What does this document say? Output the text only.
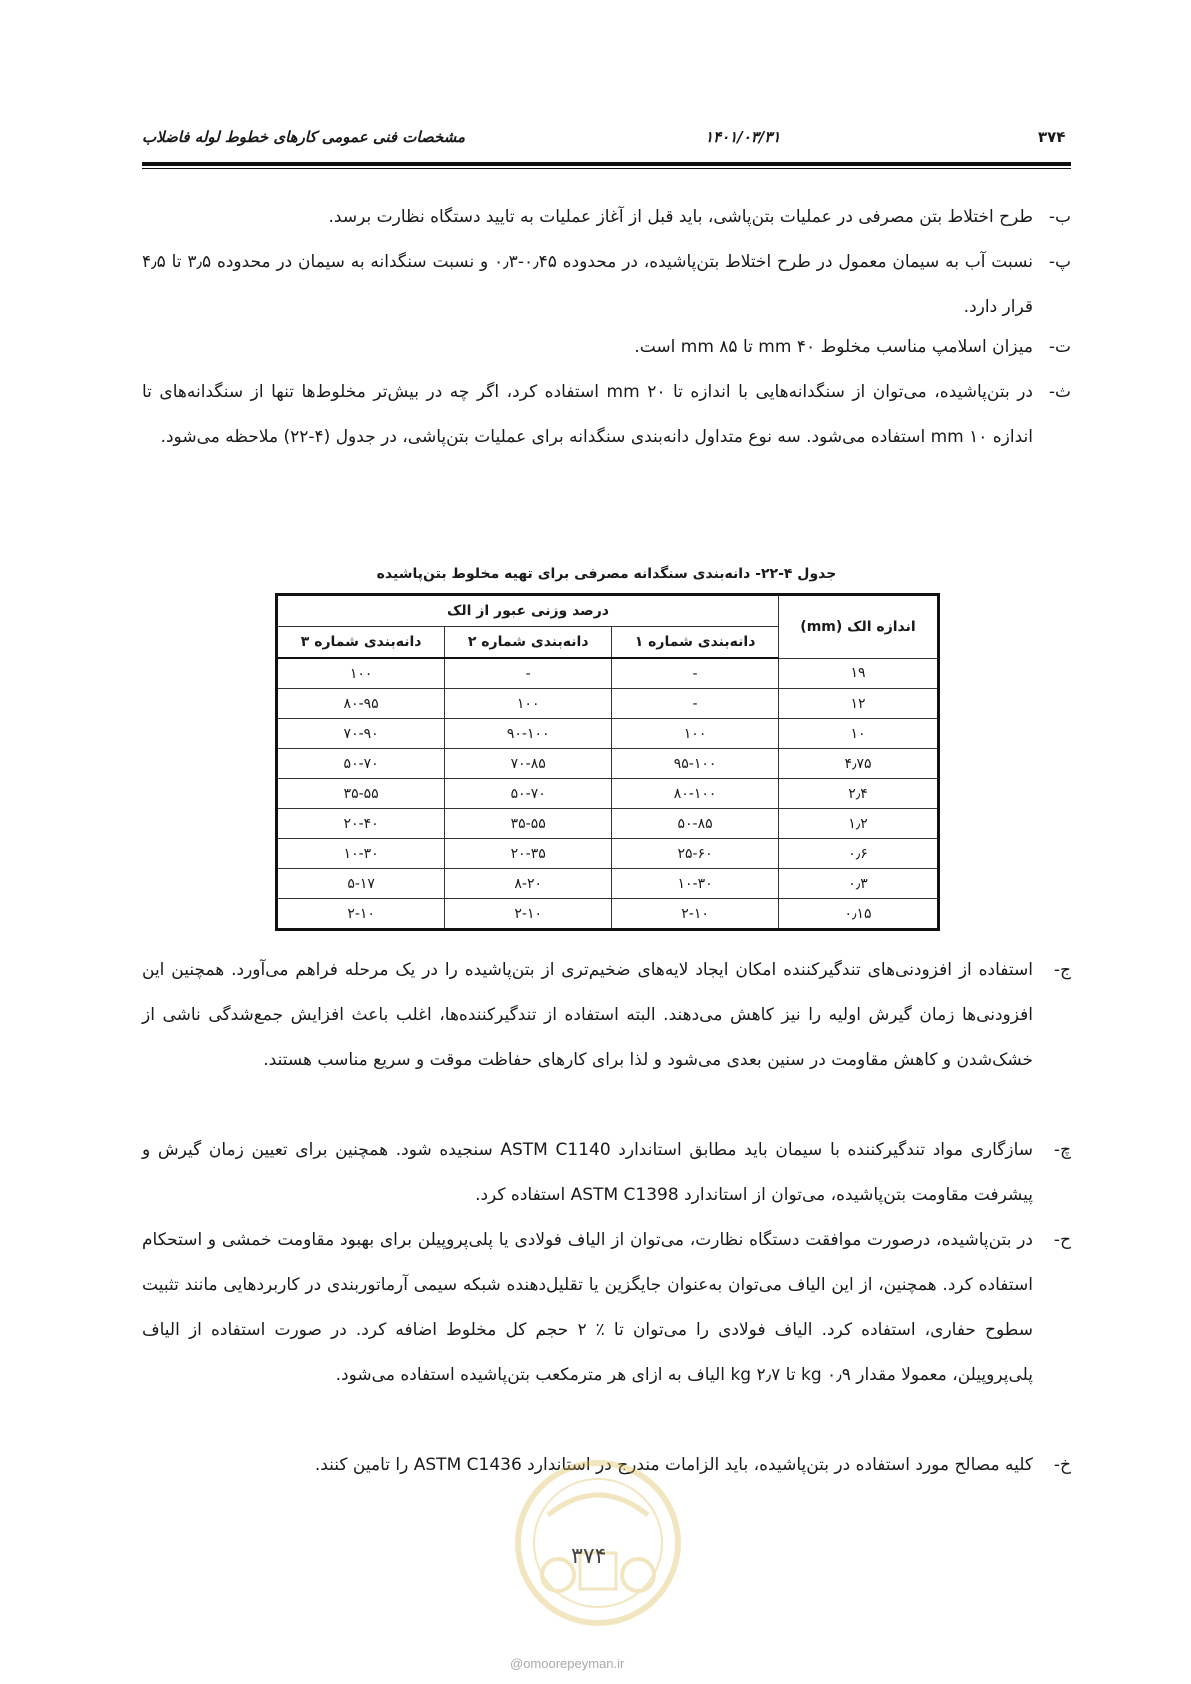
۳۷۴
۱۴۰۱/۰۳/۳۱
مشخصات فنی عمومی کارهای خطوط لوله فاضلاب
ب-
طرح اختلاط بتن مصرفی در عملیات بتن‌پاشی، باید قبل از آغاز عملیات به تایید دستگاه نظارت برسد.
پ-
نسبت آب به سیمان معمول در طرح اختلاط بتن‌پاشیده، در محدوده ۰٫۴۵-۰٫۳ و نسبت سنگدانه به سیمان در محدوده ۳٫۵ تا ۴٫۵ قرار دارد.
ت-
میزان اسلامپ مناسب مخلوط ۴۰ mm تا ۸۵ mm است.
ث-
در بتن‌پاشیده، می‌توان از سنگدانه‌هایی با اندازه تا ۲۰ mm استفاده کرد، اگر چه در بیش‌تر مخلوط‌ها تنها از سنگدانه‌های تا اندازه ۱۰ mm استفاده می‌شود. سه نوع متداول دانه‌بندی سنگدانه برای عملیات بتن‌پاشی، در جدول (۴-۲۲) ملاحظه می‌شود.
جدول ۴-۲۲- دانه‌بندی سنگدانه مصرفی برای تهیه مخلوط بتن‌پاشیده
اندازه الک (mm)	درصد وزنی عبور از الک		
	دانه‌بندی شماره ۱	دانه‌بندی شماره ۲	دانه‌بندی شماره ۳
۱۹	-	-	۱۰۰
۱۲	-	۱۰۰	۸۰-۹۵
۱۰	۱۰۰	۹۰-۱۰۰	۷۰-۹۰
۴٫۷۵	۹۵-۱۰۰	۷۰-۸۵	۵۰-۷۰
۲٫۴	۸۰-۱۰۰	۵۰-۷۰	۳۵-۵۵
۱٫۲	۵۰-۸۵	۳۵-۵۵	۲۰-۴۰
۰٫۶	۲۵-۶۰	۲۰-۳۵	۱۰-۳۰
۰٫۳	۱۰-۳۰	۸-۲۰	۵-۱۷
۰٫۱۵	۲-۱۰	۲-۱۰	۲-۱۰
ج-
استفاده از افزودنی‌های تندگیرکننده امکان ایجاد لایه‌های ضخیم‌تری از بتن‌پاشیده را در یک مرحله فراهم می‌آورد. همچنین این افزودنی‌ها زمان گیرش اولیه را نیز کاهش می‌دهند. البته استفاده از تندگیرکننده‌ها، اغلب باعث افزایش جمع‌شدگی ناشی از خشک‌شدن و کاهش مقاومت در سنین بعدی می‌شود و لذا برای کارهای حفاظت موقت و سریع مناسب هستند.
چ-
سازگاری مواد تندگیرکننده با سیمان باید مطابق استاندارد ASTM C1140 سنجیده شود. همچنین برای تعیین زمان گیرش و پیشرفت مقاومت بتن‌پاشیده، می‌توان از استاندارد ASTM C1398 استفاده کرد.
ح-
در بتن‌پاشیده، درصورت موافقت دستگاه نظارت، می‌توان از الیاف فولادی یا پلی‌پروپیلن برای بهبود مقاومت خمشی و استحکام استفاده کرد. همچنین، از این الیاف می‌توان به‌عنوان جایگزین یا تقلیل‌دهنده شبکه سیمی آرماتوربندی در کاربردهایی مانند تثبیت سطوح حفاری، استفاده کرد. الیاف فولادی را می‌توان تا ٪ ۲ حجم کل مخلوط اضافه کرد. در صورت استفاده از الیاف پلی‌پروپیلن، معمولا مقدار ۰٫۹ kg تا ۲٫۷ kg الیاف به ازای هر مترمکعب بتن‌پاشیده استفاده می‌شود.
خ-
کلیه مصالح مورد استفاده در بتن‌پاشیده، باید الزامات مندرج در استاندارد ASTM C1436 را تامین کنند.
۳۷۴
@omoorepeyman.ir
